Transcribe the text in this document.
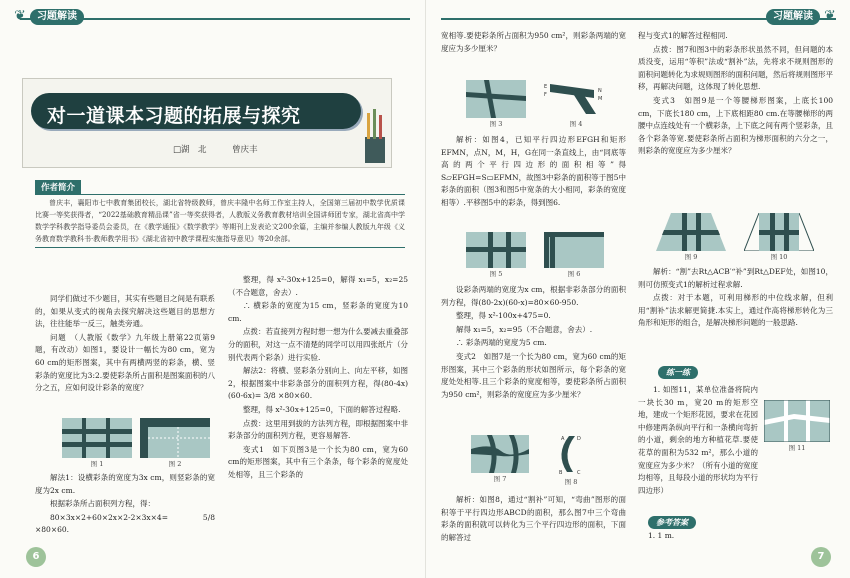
❦	习题解读
对一道课本习题的拓展与探究
□湖　北　　　曾庆丰
作者简介
曾庆丰，襄阳市七中教育集团校长，湖北省特级教师，曾庆丰隆中名师工作室主持人，全国第三届初中数学优质课比赛一等奖获得者，“2022基础教育精品课”省一等奖获得者，人教版义务教育教材培训全国讲师团专家，湖北省高中学数学学科教学指导委员会委员，在《教学通报》《数学教学》等期刊上发表论文200余篇，主编并参编人教版九年级《义务教育数学教科书·教师教学用书》《湖北省初中教学课程实施指导意见》等20余部。

同学们做过不少题目，其实有些题目之间是有联系的，如果从变式的视角去探究解决这些题目的思想方法，往往能举一反三，触类旁通。

问题　（人教版《数学》九年级上册第22页第9题，有改动）如图1，要设计一幅长为80 cm，宽为60 cm的矩形图案，其中有两横两竖的彩条，横、竖彩条的宽度比为3:2.要使彩条所占面积是图案面积的八分之五，应如何设计彩条的宽度？

图 1	图 2

解法1：设横彩条的宽度为3x cm，则竖彩条的宽度为2x cm.

根据彩条所占面积列方程，得：

80×3x×2+60×2x×2-2×3x×4= 5/8 ×80×60.

整理，得 x²-30x+125=0，解得 x₁=5，x₂=25（不合题意，舍去）.

∴ 横彩条的宽度为15 cm，竖彩条的宽度为10 cm.

点拨：若直接列方程时想一想为什么要减去重叠部分的面积，对这一点不清楚的同学可以用四张纸片（分别代表两个彩条）进行实验.

解法2：将横、竖彩条分别向上、向左平移，如图2，根据图案中非彩条部分的面积列方程，得(80-4x)(60-6x)= 3/8 ×80×60.

整理，得 x²-30x+125=0，下面的解答过程略.

点拨：这里用到拔的方法列方程，即根据图案中非彩条部分的面积列方程，更容易解答.

变式1　如下页图3是一个长为80 cm，宽为60 cm的矩形图案，其中有三个条条，每个彩条的宽度处处相等，且三个彩条的

6
习题解读 ❦

宽相等.要使彩条所占面积为950 cm²，则彩条两端的宽度应为多少厘米？

图 3
E
F
N
M
图 4

解析：如图4，已知平行四边形EFGH和矩形EFMN，点N，M，H，G在同一条直线上，由“同底等高的两个平行四边形的面积相等”得 S▱EFGH=S▭EFMN，故图3中彩条的面积等于图5中彩条的面积（图3和图5中宽条的大小相同，彩条的宽度相等）.平移图5中的彩条，得到图6.

图 5	图 6

设彩条两端的宽度为x cm，根据非彩条部分的面积列方程，得(80-2x)(60-x)=80×60-950.

整理，得 x²-100x+475=0.

解得 x₁=5，x₂=95（不合题意，舍去）.

∴ 彩条两端的宽度为5 cm.

变式2　如图7是一个长为80 cm，宽为60 cm的矩形图案，其中三个彩条的形状如图所示，每个彩条的宽度处处相等.且三个彩条的宽度相等，要使彩条所占面积为950 cm²，则彩条的宽度应为多少厘米？

图 7
D
C
A
B
图 8

解析：如图8，通过“割补”可知，“弯曲”图形的面积等于平行四边形ABCD的面积，那么图7中三个弯曲彩条的面积就可以转化为三个平行四边形的面积，下面的解答过

程与变式1的解答过程相同.

点拨：图7和图3中的彩条形状虽然不同，但问题的本质没变，运用“等积”法或“割补”法，先将求不规则图形的面积问题转化为求规则图形的面积问题，然后将规则图形平移，再解决问题，这体现了转化思想.

变式3　如图9是一个等腰梯形图案，上底长100 cm，下底长180 cm，上下底相距80 cm.在等腰梯形的两腰中点连线处有一个横彩条，上下底之间有两个竖彩条，且各个彩条等宽.要使彩条所占面积为梯形面积的六分之一，则彩条的宽度应为多少厘米？

图 9	图 10

解析：“割”去Rt△ACB′“补”到Rt△DEF处，如图10，则可仿照变式1的解析过程求解.

点拨：对于本题，可利用梯形的中位线求解，但利用“割补”法求解更简捷.本实上，通过作高将梯形转化为三角形和矩形的组合，是解决梯形问题的一般思路.

练一练

1. 如图11，某单位准备将院内一块长30 m，宽20 m的矩形空地，建成一个矩形花园，要求在花园中修建两条纵向平行和一条横向弯折的小道，剩余的地方种植花草.要使花草的面积为532 m²，那么小道的宽度应为多少米？（所有小道的宽度均相等，且每段小道的形状均为平行四边形）

图 11
参考答案

1. 1 m.

7
